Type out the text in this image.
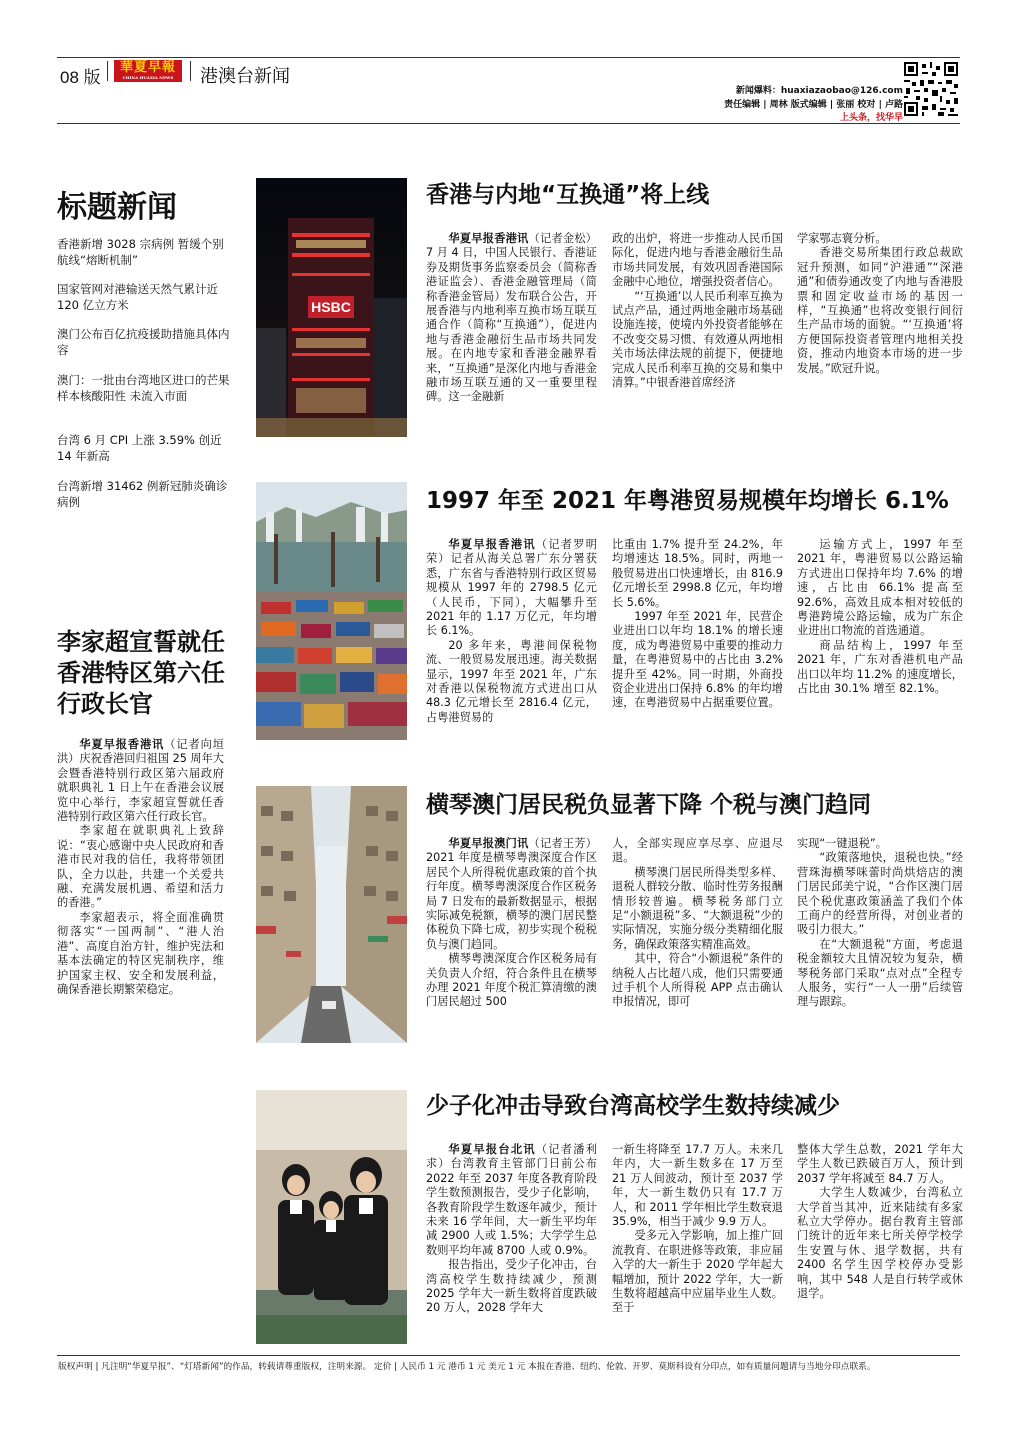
08 版
華夏早報
CHINA HUAXIA NEWS	港澳台新闻
新闻爆料：huaxiazaobao@126.com
责任编辑 | 周林 版式编辑 | 张丽 校对 | 卢路
上头条，找华早
标题新闻
香港新增 3028 宗病例 暂缓个别航线“熔断机制”
国家管网对港输送天然气累计近 120 亿立方米
澳门公布百亿抗疫援助措施具体内容
澳门：一批由台湾地区进口的芒果样本核酸阳性 未流入市面
台湾 6 月 CPI 上涨 3.59% 创近 14 年新高
台湾新增 31462 例新冠肺炎确诊病例
李家超宣誓就任香港特区第六任行政长官

华夏早报香港讯（记者向垣洪）庆祝香港回归祖国 25 周年大会暨香港特别行政区第六届政府就职典礼 1 日上午在香港会议展览中心举行，李家超宣誓就任香港特别行政区第六任行政长官。

李家超在就职典礼上致辞说：“衷心感谢中央人民政府和香港市民对我的信任，我将带领团队，全力以赴，共建一个关爱共融、充满发展机遇、希望和活力的香港。”

李家超表示，将全面准确贯彻落实“一国两制”、“港人治港”、高度自治方针，维护宪法和基本法确定的特区宪制秩序，维护国家主权、安全和发展利益，确保香港长期繁荣稳定。

HSBC
香港与内地“互换通”将上线

华夏早报香港讯（记者金松）7 月 4 日，中国人民银行、香港证券及期货事务监察委员会（简称香港证监会）、香港金融管理局（简称香港金管局）发布联合公告，开展香港与内地利率互换市场互联互通合作（简称“互换通”），促进内地与香港金融衍生品市场共同发展。在内地专家和香港金融界看来，“互换通”是深化内地与香港金融市场互联互通的又一重要里程碑。这一金融新

政的出炉，将进一步推动人民币国际化，促进内地与香港金融衍生品市场共同发展，有效巩固香港国际金融中心地位，增强投资者信心。

“‘互换通’以人民币利率互换为试点产品，通过两地金融市场基础设施连接，使境内外投资者能够在不改变交易习惯、有效遵从两地相关市场法律法规的前提下，便捷地完成人民币利率互换的交易和集中清算。”中银香港首席经济

学家鄂志寰分析。

香港交易所集团行政总裁欧冠升预测，如同“沪港通”“深港通”和债券通改变了内地与香港股票和固定收益市场的基因一样，“互换通”也将改变银行间衍生产品市场的面貌。“‘互换通’将方便国际投资者管理内地相关投资，推动内地资本市场的进一步发展。”欧冠升说。

1997 年至 2021 年粤港贸易规模年均增长 6.1%

华夏早报香港讯（记者罗明荣）记者从海关总署广东分署获悉，广东省与香港特别行政区贸易规模从 1997 年的 2798.5 亿元（人民币，下同），大幅攀升至 2021 年的 1.17 万亿元，年均增长 6.1%。

20 多年来，粤港间保税物流、一般贸易发展迅速。海关数据显示，1997 年至 2021 年，广东对香港以保税物流方式进出口从 48.3 亿元增长至 2816.4 亿元，占粤港贸易的

比重由 1.7% 提升至 24.2%，年均增速达 18.5%。同时，两地一般贸易进出口快速增长，由 816.9 亿元增长至 2998.8 亿元，年均增长 5.6%。

1997 年至 2021 年，民营企业进出口以年均 18.1% 的增长速度，成为粤港贸易中重要的推动力量，在粤港贸易中的占比由 3.2% 提升至 42%。同一时期，外商投资企业进出口保持 6.8% 的年均增速，在粤港贸易中占据重要位置。

运输方式上，1997 年至 2021 年，粤港贸易以公路运输方式进出口保持年均 7.6% 的增速，占比由 66.1% 提高至 92.6%，高效且成本相对较低的粤港跨境公路运输，成为广东企业进出口物流的首选通道。

商品结构上，1997 年至 2021 年，广东对香港机电产品出口以年均 11.2% 的速度增长，占比由 30.1% 增至 82.1%。

横琴澳门居民税负显著下降 个税与澳门趋同

华夏早报澳门讯（记者王芳）2021 年度是横琴粤澳深度合作区居民个人所得税优惠政策的首个执行年度。横琴粤澳深度合作区税务局 7 日发布的最新数据显示，根据实际减免税额，横琴的澳门居民整体税负下降七成，初步实现个税税负与澳门趋同。

横琴粤澳深度合作区税务局有关负责人介绍，符合条件且在横琴办理 2021 年度个税汇算清缴的澳门居民超过 500

人，全部实现应享尽享、应退尽退。

横琴澳门居民所得类型多样、退税人群较分散、临时性劳务报酬情形较普遍。横琴税务部门立足“小额退税”多、“大额退税”少的实际情况，实施分级分类精细化服务，确保政策落实精准高效。

其中，符合“小额退税”条件的纳税人占比超八成，他们只需要通过手机个人所得税 APP 点击确认申报情况，即可

实现“一键退税”。

“政策落地快，退税也快。”经营珠海横琴咪蕾时尚烘焙店的澳门居民邱美宁说，“合作区澳门居民个税优惠政策涵盖了我们个体工商户的经营所得，对创业者的吸引力很大。”

在“大额退税”方面，考虑退税金额较大且情况较为复杂，横琴税务部门采取“点对点”全程专人服务，实行“一人一册”后续管理与跟踪。

少子化冲击导致台湾高校学生数持续减少

华夏早报台北讯（记者潘利求）台湾教育主管部门日前公布 2022 年至 2037 年度各教育阶段学生数预测报告，受少子化影响，各教育阶段学生数逐年减少，预计未来 16 学年间，大一新生平均年减 2900 人或 1.5%；大学学生总数则平均年减 8700 人或 0.9%。

报告指出，受少子化冲击，台湾高校学生数持续减少，预测 2025 学年大一新生数将首度跌破 20 万人，2028 学年大

一新生将降至 17.7 万人。未来几年内，大一新生数多在 17 万至 21 万人间波动，预计至 2037 学年，大一新生数仍只有 17.7 万人，和 2011 学年相比学生数衰退 35.9%，相当于减少 9.9 万人。

受多元入学影响，加上推广回流教育、在职进修等政策，非应届入学的大一新生于 2020 学年起大幅增加，预计 2022 学年，大一新生数将超越高中应届毕业生人数。至于

整体大学生总数，2021 学年大学生人数已跌破百万人，预计到 2037 学年将减至 84.7 万人。

大学生人数减少，台湾私立大学首当其冲，近来陆续有多家私立大学停办。据台教育主管部门统计的近年来七所关停学校学生安置与休、退学数据，共有 2400 名学生因学校停办受影响，其中 548 人是自行转学或休退学。

版权声明 | 凡注明“华夏早报”、“灯塔新闻”的作品，转载请尊重版权，注明来源。 定价 | 人民币 1 元 港币 1 元 美元 1 元 本报在香港、纽约、伦敦、开罗、莫斯科设有分印点，如有质量问题请与当地分印点联系。
